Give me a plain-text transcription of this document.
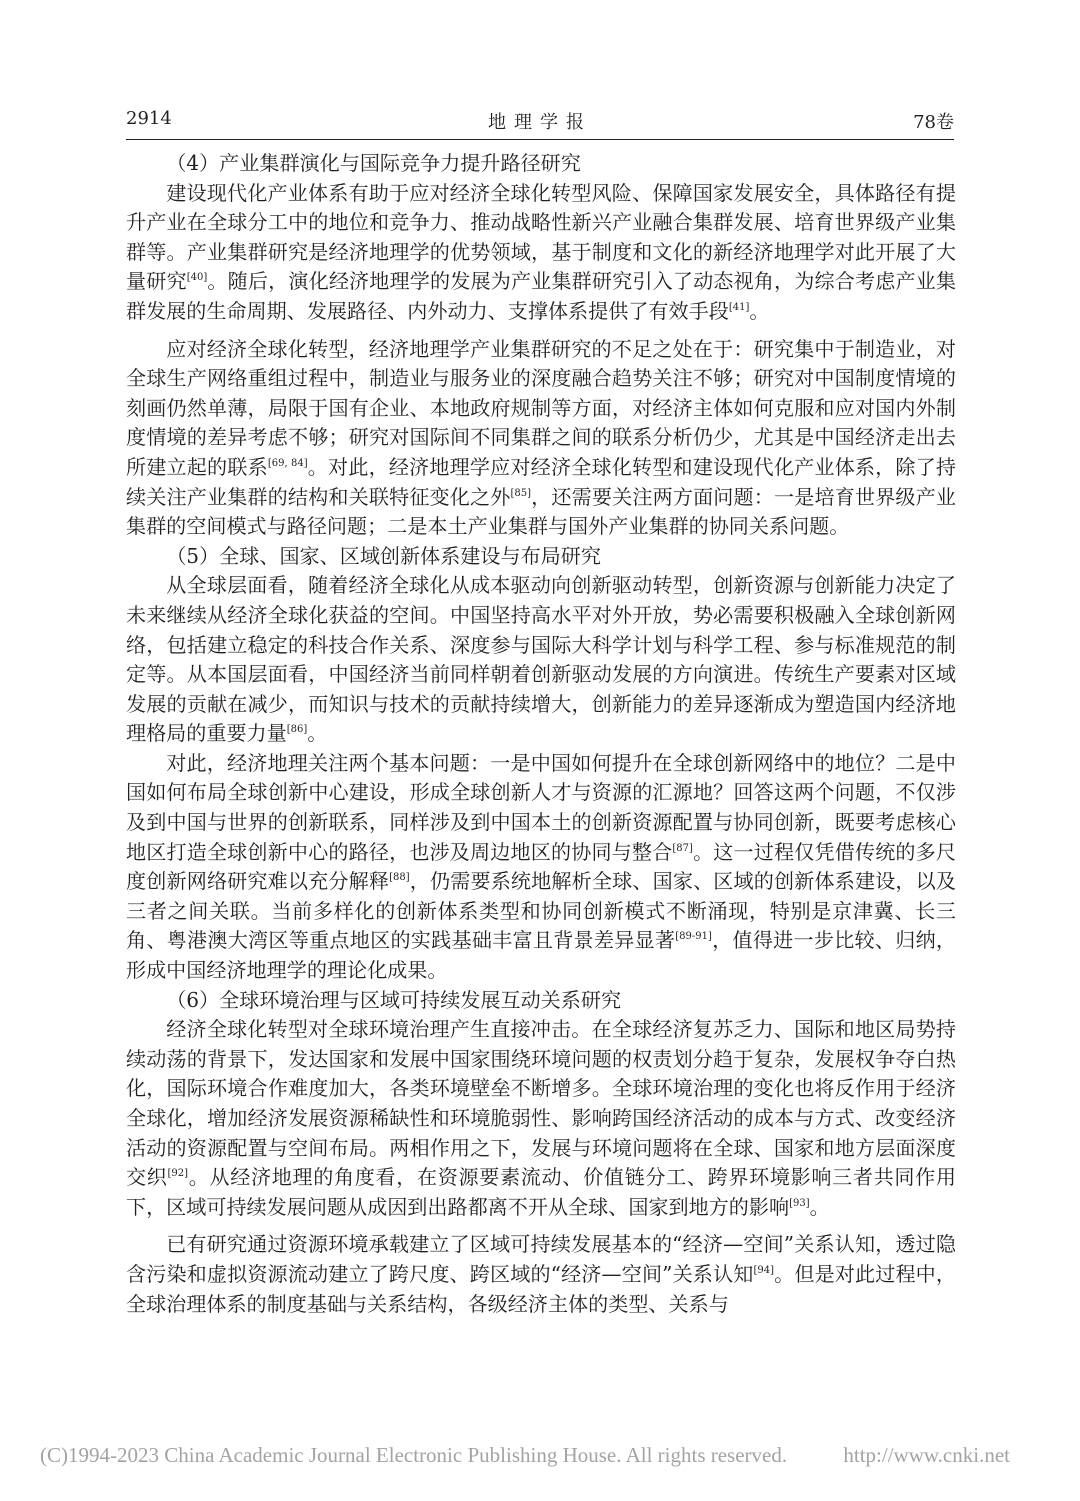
2914	地理学报	78卷

（4）产业集群演化与国际竞争力提升路径研究

建设现代化产业体系有助于应对经济全球化转型风险、保障国家发展安全，具体路径有提升产业在全球分工中的地位和竞争力、推动战略性新兴产业融合集群发展、培育世界级产业集群等。产业集群研究是经济地理学的优势领域，基于制度和文化的新经济地理学对此开展了大量研究[40]。随后，演化经济地理学的发展为产业集群研究引入了动态视角，为综合考虑产业集群发展的生命周期、发展路径、内外动力、支撑体系提供了有效手段[41]。

应对经济全球化转型，经济地理学产业集群研究的不足之处在于：研究集中于制造业，对全球生产网络重组过程中，制造业与服务业的深度融合趋势关注不够；研究对中国制度情境的刻画仍然单薄，局限于国有企业、本地政府规制等方面，对经济主体如何克服和应对国内外制度情境的差异考虑不够；研究对国际间不同集群之间的联系分析仍少，尤其是中国经济走出去所建立起的联系[69, 84]。对此，经济地理学应对经济全球化转型和建设现代化产业体系，除了持续关注产业集群的结构和关联特征变化之外[85]，还需要关注两方面问题：一是培育世界级产业集群的空间模式与路径问题；二是本土产业集群与国外产业集群的协同关系问题。

（5）全球、国家、区域创新体系建设与布局研究

从全球层面看，随着经济全球化从成本驱动向创新驱动转型，创新资源与创新能力决定了未来继续从经济全球化获益的空间。中国坚持高水平对外开放，势必需要积极融入全球创新网络，包括建立稳定的科技合作关系、深度参与国际大科学计划与科学工程、参与标准规范的制定等。从本国层面看，中国经济当前同样朝着创新驱动发展的方向演进。传统生产要素对区域发展的贡献在减少，而知识与技术的贡献持续增大，创新能力的差异逐渐成为塑造国内经济地理格局的重要力量[86]。

对此，经济地理关注两个基本问题：一是中国如何提升在全球创新网络中的地位？二是中国如何布局全球创新中心建设，形成全球创新人才与资源的汇源地？回答这两个问题，不仅涉及到中国与世界的创新联系，同样涉及到中国本土的创新资源配置与协同创新，既要考虑核心地区打造全球创新中心的路径，也涉及周边地区的协同与整合[87]。这一过程仅凭借传统的多尺度创新网络研究难以充分解释[88]，仍需要系统地解析全球、国家、区域的创新体系建设，以及三者之间关联。当前多样化的创新体系类型和协同创新模式不断涌现，特别是京津冀、长三角、粤港澳大湾区等重点地区的实践基础丰富且背景差异显著[89-91]，值得进一步比较、归纳，形成中国经济地理学的理论化成果。

（6）全球环境治理与区域可持续发展互动关系研究

经济全球化转型对全球环境治理产生直接冲击。在全球经济复苏乏力、国际和地区局势持续动荡的背景下，发达国家和发展中国家围绕环境问题的权责划分趋于复杂，发展权争夺白热化，国际环境合作难度加大，各类环境壁垒不断增多。全球环境治理的变化也将反作用于经济全球化，增加经济发展资源稀缺性和环境脆弱性、影响跨国经济活动的成本与方式、改变经济活动的资源配置与空间布局。两相作用之下，发展与环境问题将在全球、国家和地方层面深度交织[92]。从经济地理的角度看，在资源要素流动、价值链分工、跨界环境影响三者共同作用下，区域可持续发展问题从成因到出路都离不开从全球、国家到地方的影响[93]。

已有研究通过资源环境承载建立了区域可持续发展基本的“经济—空间”关系认知，透过隐含污染和虚拟资源流动建立了跨尺度、跨区域的“经济—空间”关系认知[94]。但是对此过程中，全球治理体系的制度基础与关系结构，各级经济主体的类型、关系与

(C)1994-2023 China Academic Journal Electronic Publishing House. All rights reserved.	http://www.cnki.net
